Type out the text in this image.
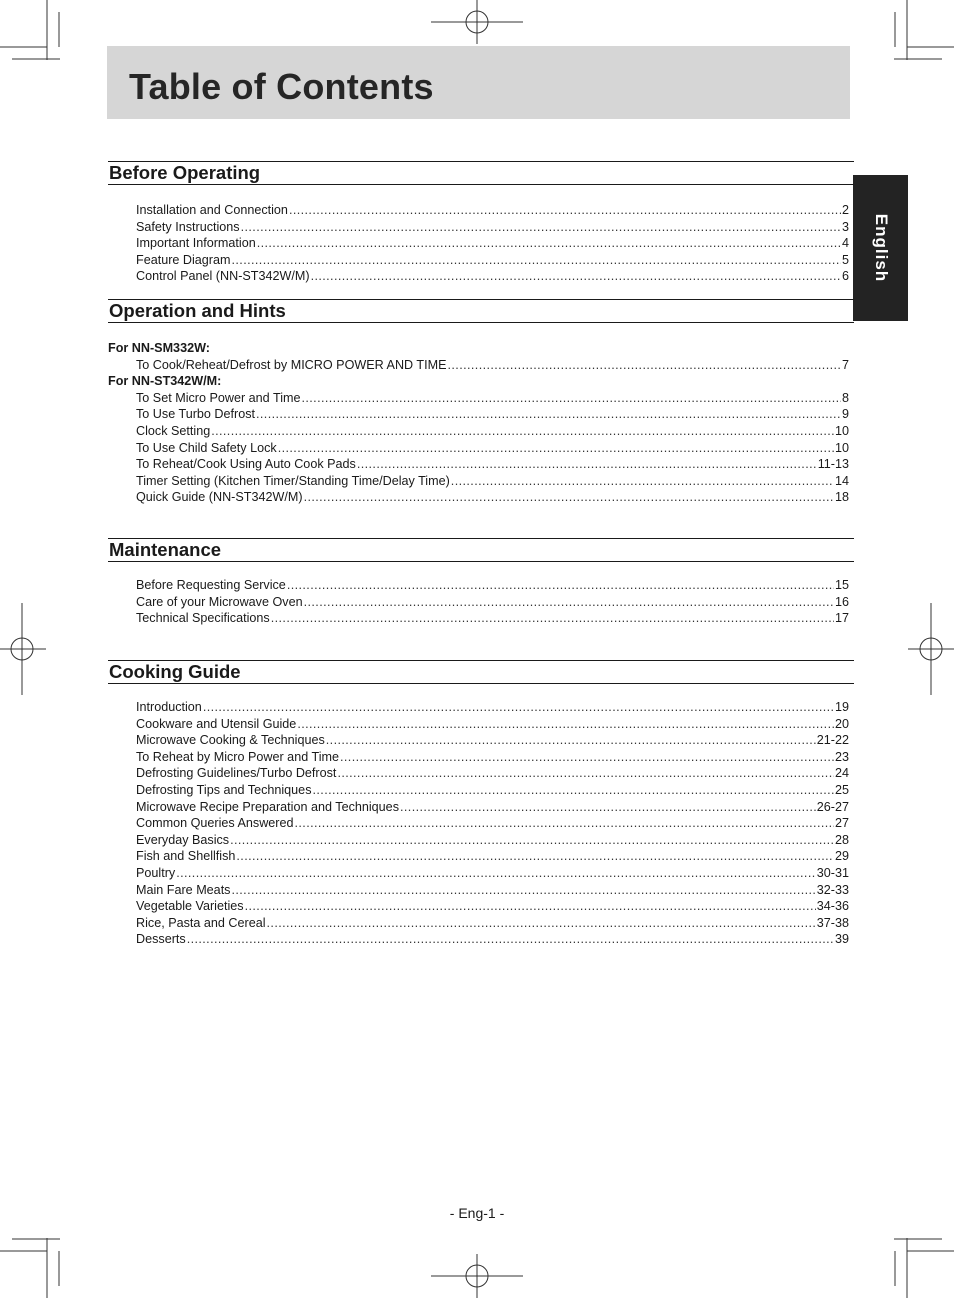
Table of Contents
English
Before Operating
Installation and Connection .....	2
Safety Instructions .....	3
Important Information .....	4
Feature Diagram .....	5
Control Panel (NN-ST342W/M) .....	6
Operation and Hints
For NN-SM332W:
To Cook/Reheat/Defrost by MICRO POWER AND TIME .....	7
For NN-ST342W/M:
To Set Micro Power and Time .....	8
To Use Turbo Defrost .....	9
Clock Setting .....	10
To Use Child Safety Lock .....	10
To Reheat/Cook Using Auto Cook Pads .....	11-13
Timer Setting (Kitchen Timer/Standing Time/Delay Time) .....	14
Quick Guide (NN-ST342W/M) .....	18
Maintenance
Before Requesting Service .....	15
Care of your Microwave Oven .....	16
Technical Specifications .....	17
Cooking Guide
Introduction .....	19
Cookware and Utensil Guide .....	20
Microwave Cooking & Techniques .....	21-22
To Reheat by Micro Power and Time .....	23
Defrosting Guidelines/Turbo Defrost .....	24
Defrosting Tips and Techniques .....	25
Microwave Recipe Preparation and Techniques .....	26-27
Common Queries Answered .....	27
Everyday Basics .....	28
Fish and Shellfish .....	29
Poultry .....	30-31
Main Fare Meats .....	32-33
Vegetable Varieties .....	34-36
Rice, Pasta and Cereal .....	37-38
Desserts .....	39
- Eng-1 -
